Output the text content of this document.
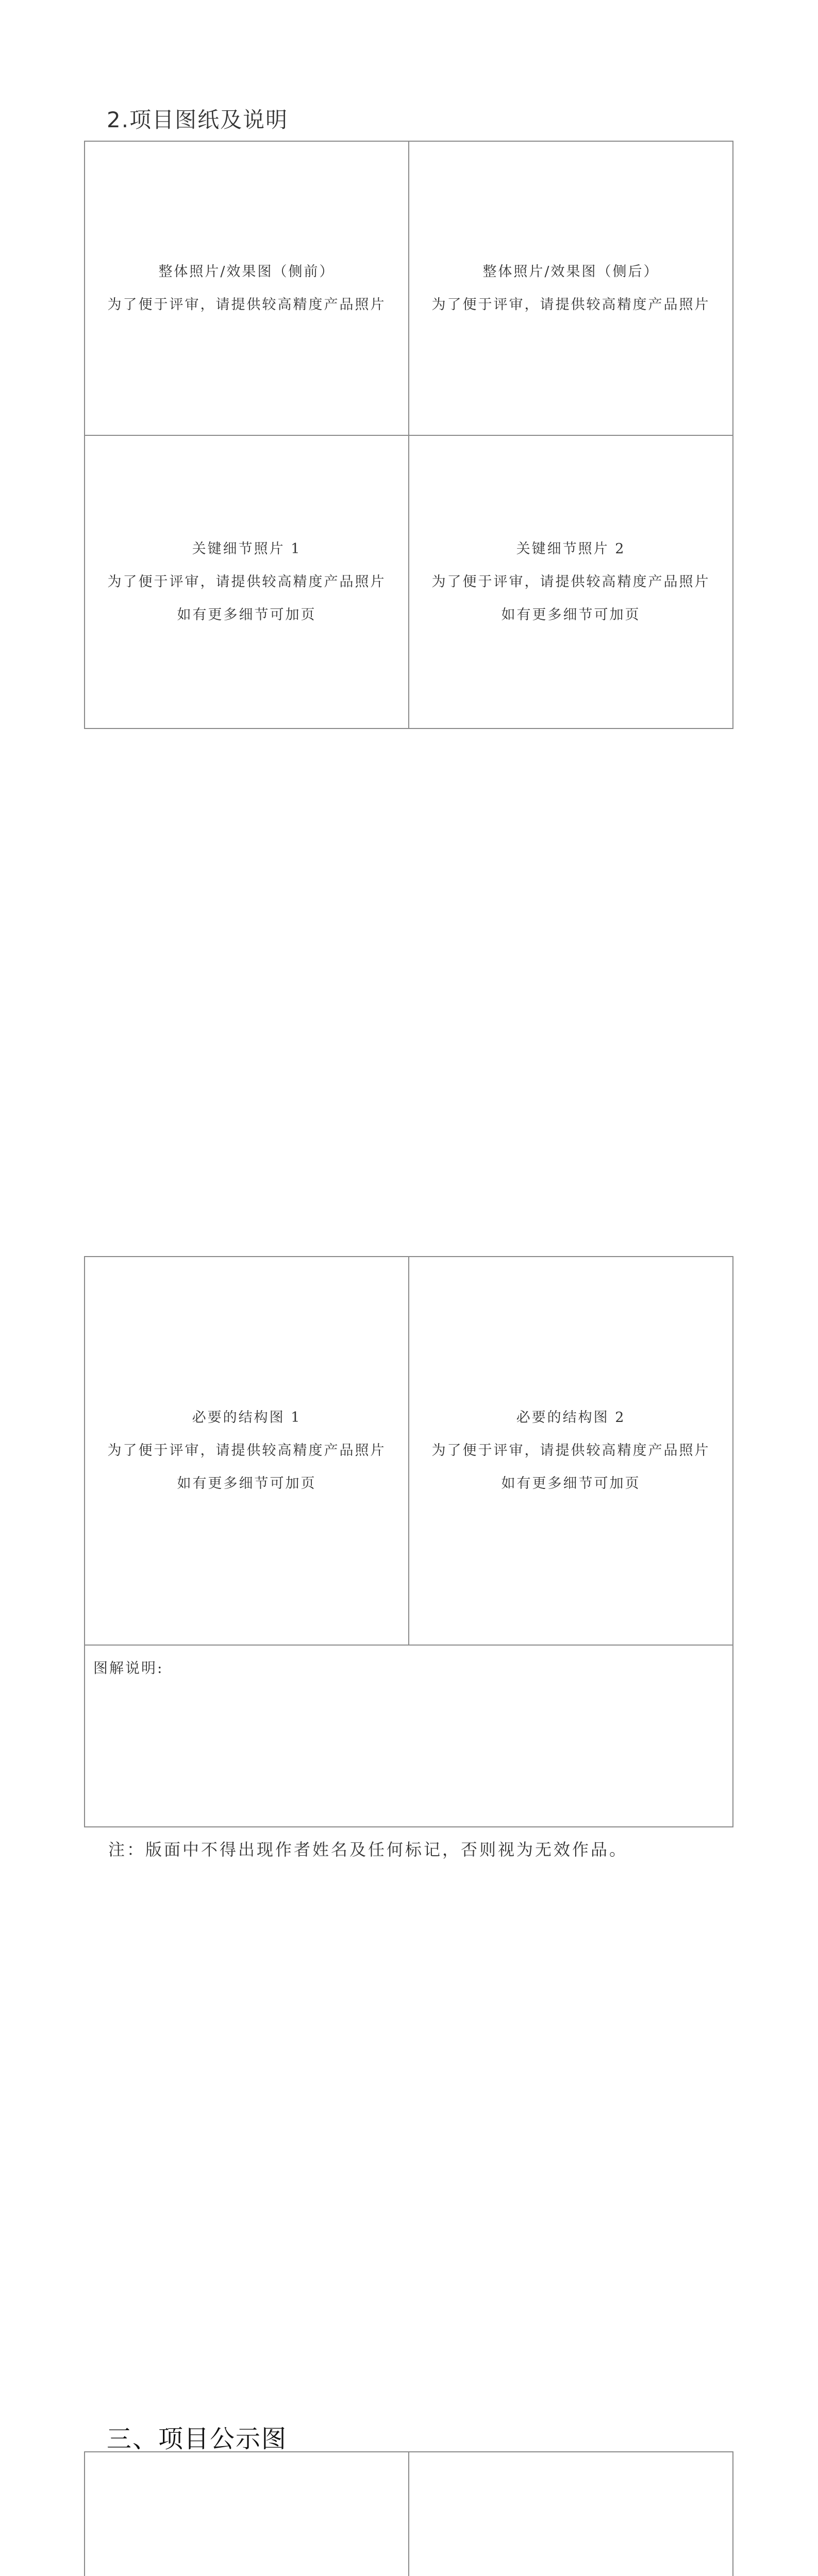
2.项目图纸及说明
整体照片/效果图（侧前）
为了便于评审，请提供较高精度产品照片
整体照片/效果图（侧后）
为了便于评审，请提供较高精度产品照片
关键细节照片 1
为了便于评审，请提供较高精度产品照片
如有更多细节可加页
关键细节照片 2
为了便于评审，请提供较高精度产品照片
如有更多细节可加页
必要的结构图 1
为了便于评审，请提供较高精度产品照片
如有更多细节可加页
必要的结构图 2
为了便于评审，请提供较高精度产品照片
如有更多细节可加页
图解说明:

注：版面中不得出现作者姓名及任何标记，否则视为无效作品。

三、项目公示图
